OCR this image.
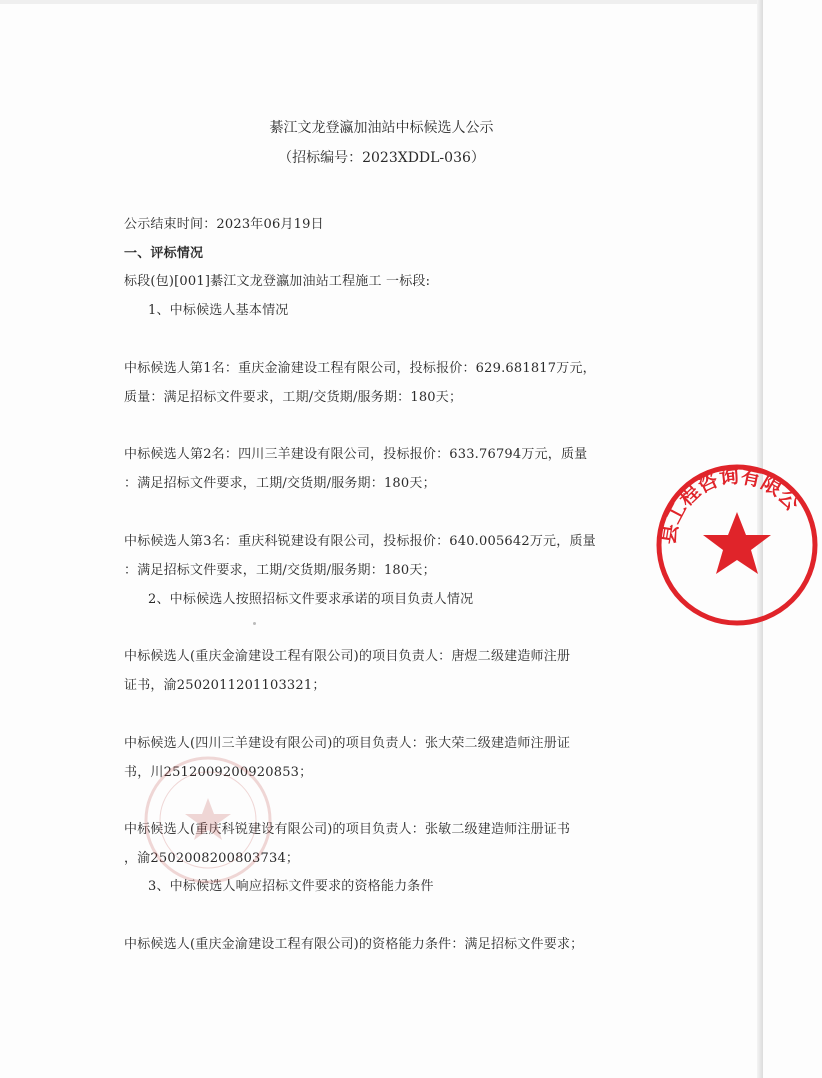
綦江文龙登瀛加油站中标候选人公示
（招标编号：2023XDDL-036）
公示结束时间：2023年06月19日
一、评标情况
标段(包)[001]綦江文龙登瀛加油站工程施工 一标段:
1、中标候选人基本情况
中标候选人第1名：重庆金渝建设工程有限公司，投标报价：629.681817万元，
质量：满足招标文件要求，工期/交货期/服务期：180天；
中标候选人第2名：四川三羊建设有限公司，投标报价：633.76794万元，质量
：满足招标文件要求，工期/交货期/服务期：180天；
中标候选人第3名：重庆科锐建设有限公司，投标报价：640.005642万元，质量
：满足招标文件要求，工期/交货期/服务期：180天；
2、中标候选人按照招标文件要求承诺的项目负责人情况
中标候选人(重庆金渝建设工程有限公司)的项目负责人：唐煜二级建造师注册
证书，渝2502011201103321；
中标候选人(四川三羊建设有限公司)的项目负责人：张大荣二级建造师注册证
书，川2512009200920853；
中标候选人(重庆科锐建设有限公司)的项目负责人：张敏二级建造师注册证书
，渝2502008200803734；
3、中标候选人响应招标文件要求的资格能力条件
中标候选人(重庆金渝建设工程有限公司)的资格能力条件：满足招标文件要求；
县工程咨询有限公
